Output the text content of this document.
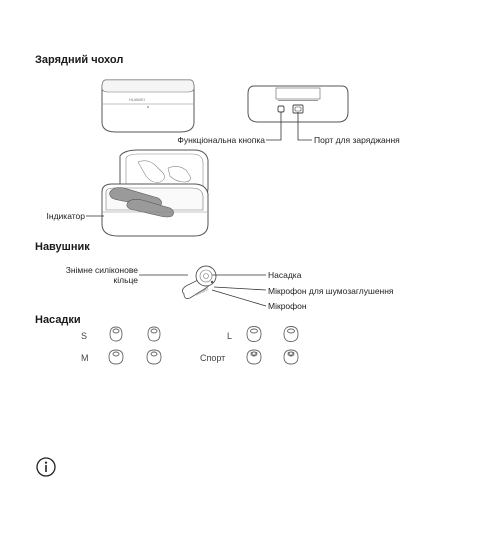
Зарядний чохол
HUAWEI
Функціональна кнопка	Порт для заряджання
Індикатор
Навушник
HUAWEI
Знімне силіконове
кільце	Насадка
Мікрофон для шумозаглушення
Мікрофон
Насадки
S
M
L
Спорт
